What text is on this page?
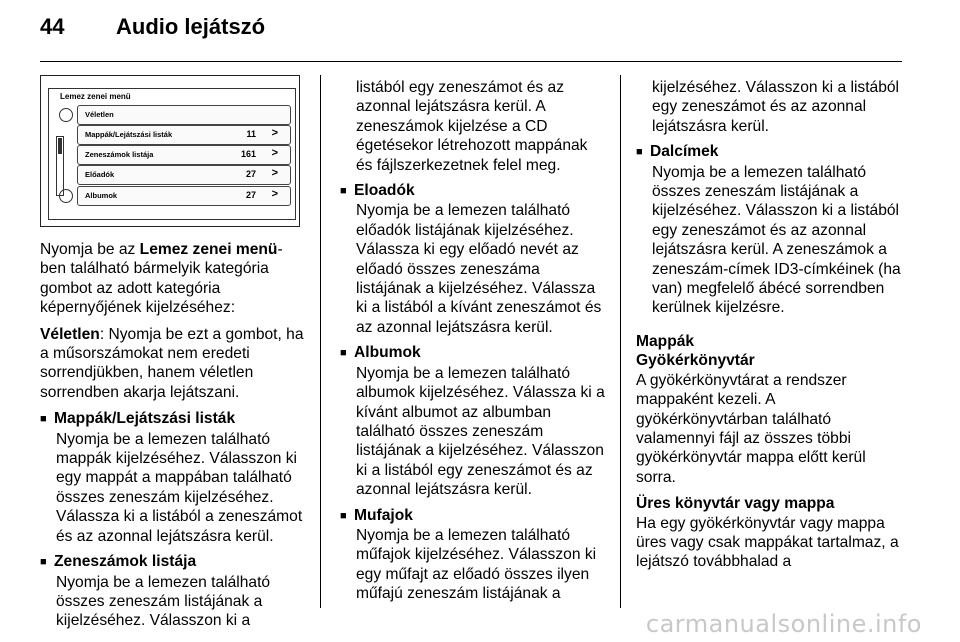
44 Audio lejátszó
Lemez zenei menü
Véletlen
Mappák/Lejátszási listák	11 >
Zeneszámok listája	161 >
Előadók	27 >
Albumok	27 >

Nyomja be az Lemez zenei menü-ben található bármelyik kategória gombot az adott kategória képernyőjének kijelzéséhez:

Véletlen: Nyomja be ezt a gombot, ha a műsorszámokat nem eredeti sorrendjükben, hanem véletlen sorrendben akarja lejátszani.

■ Mappák/Lejátszási listák
Nyomja be a lemezen található mappák kijelzéséhez. Válasszon ki egy mappát a mappában található összes zeneszám kijelzéséhez. Válassza ki a listából a zeneszámot és az azonnal lejátszásra kerül.
■ Zeneszámok listája
Nyomja be a lemezen található összes zeneszám listájának a kijelzéséhez. Válasszon ki a
listából egy zeneszámot és az azonnal lejátszásra kerül. A zeneszámok kijelzése a CD égetésekor létrehozott mappának és fájlszerkezetnek felel meg.
■ Eloadók
Nyomja be a lemezen található előadók listájának kijelzéséhez. Válassza ki egy előadó nevét az előadó összes zeneszáma listájának a kijelzéséhez. Válassza ki a listából a kívánt zeneszámot és az azonnal lejátszásra kerül.
■ Albumok
Nyomja be a lemezen található albumok kijelzéséhez. Válassza ki a kívánt albumot az albumban található összes zeneszám listájának a kijelzéséhez. Válasszon ki a listából egy zeneszámot és az azonnal lejátszásra kerül.
■ Mufajok
Nyomja be a lemezen található műfajok kijelzéséhez. Válasszon ki egy műfajt az előadó összes ilyen műfajú zeneszám listájának a
kijelzéséhez. Válasszon ki a listából egy zeneszámot és az azonnal lejátszásra kerül.
■ Dalcímek
Nyomja be a lemezen található összes zeneszám listájának a kijelzéséhez. Válasszon ki a listából egy zeneszámot és az azonnal lejátszásra kerül. A zeneszámok a zeneszám-címek ID3-címkéinek (ha van) megfelelő ábécé sorrendben kerülnek kijelzésre.
Mappák
Gyökérkönyvtár

A gyökérkönyvtárat a rendszer mappaként kezeli. A gyökérkönyvtárban található valamennyi fájl az összes többi gyökérkönyvtár mappa előtt kerül sorra.

Üres könyvtár vagy mappa

Ha egy gyökérkönyvtár vagy mappa üres vagy csak mappákat tartalmaz, a lejátszó továbbhalad a

carmanualsonline.info
